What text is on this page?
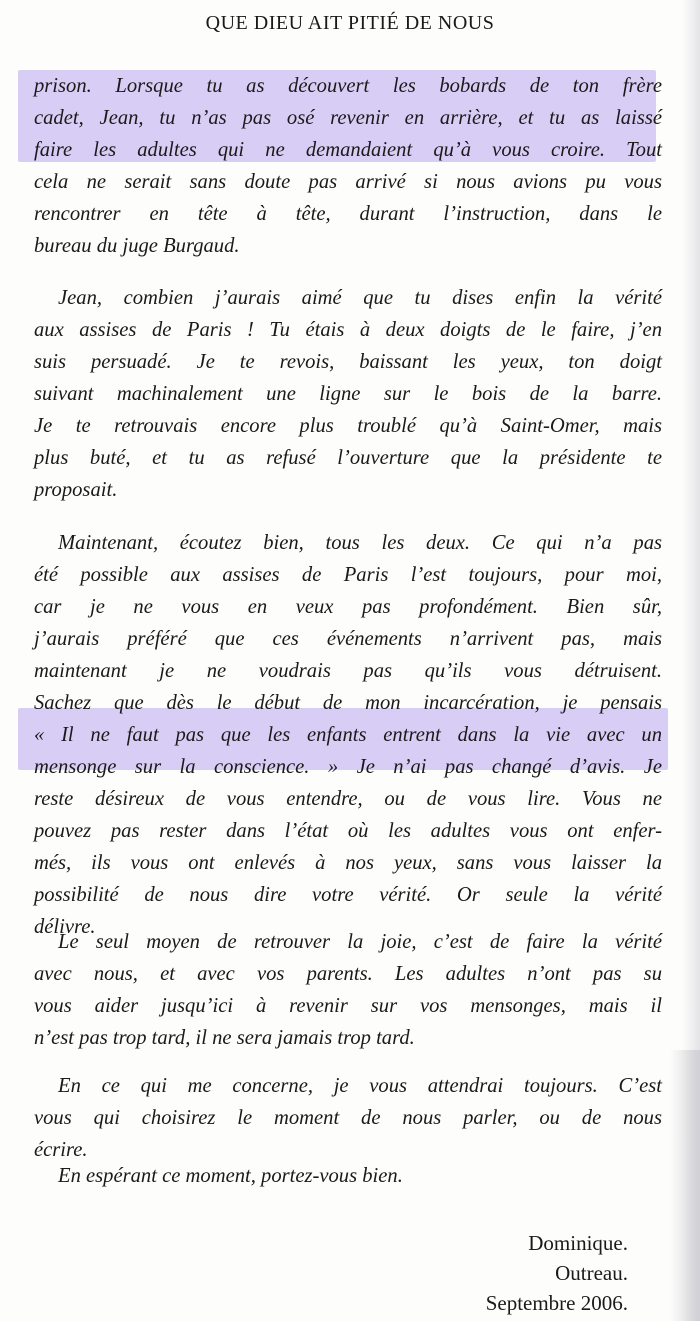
QUE DIEU AIT PITIÉ DE NOUS
prison. Lorsque tu as découvert les bobards de ton frère
cadet, Jean, tu n’as pas osé revenir en arrière, et tu as laissé
faire les adultes qui ne demandaient qu’à vous croire. Tout
cela ne serait sans doute pas arrivé si nous avions pu vous
rencontrer en tête à tête, durant l’instruction, dans le
bureau du juge Burgaud.
Jean, combien j’aurais aimé que tu dises enfin la vérité
aux assises de Paris ! Tu étais à deux doigts de le faire, j’en
suis persuadé. Je te revois, baissant les yeux, ton doigt
suivant machinalement une ligne sur le bois de la barre.
Je te retrouvais encore plus troublé qu’à Saint-Omer, mais
plus buté, et tu as refusé l’ouverture que la présidente te
proposait.
Maintenant, écoutez bien, tous les deux. Ce qui n’a pas
été possible aux assises de Paris l’est toujours, pour moi,
car je ne vous en veux pas profondément. Bien sûr,
j’aurais préféré que ces événements n’arrivent pas, mais
maintenant je ne voudrais pas qu’ils vous détruisent.
Sachez que dès le début de mon incarcération, je pensais
« Il ne faut pas que les enfants entrent dans la vie avec un
mensonge sur la conscience. » Je n’ai pas changé d’avis. Je
reste désireux de vous entendre, ou de vous lire. Vous ne
pouvez pas rester dans l’état où les adultes vous ont enfer-
més, ils vous ont enlevés à nos yeux, sans vous laisser la
possibilité de nous dire votre vérité. Or seule la vérité
délivre.
Le seul moyen de retrouver la joie, c’est de faire la vérité
avec nous, et avec vos parents. Les adultes n’ont pas su
vous aider jusqu’ici à revenir sur vos mensonges, mais il
n’est pas trop tard, il ne sera jamais trop tard.
En ce qui me concerne, je vous attendrai toujours. C’est
vous qui choisirez le moment de nous parler, ou de nous
écrire.
En espérant ce moment, portez-vous bien.
Dominique.
Outreau.
Septembre 2006.
